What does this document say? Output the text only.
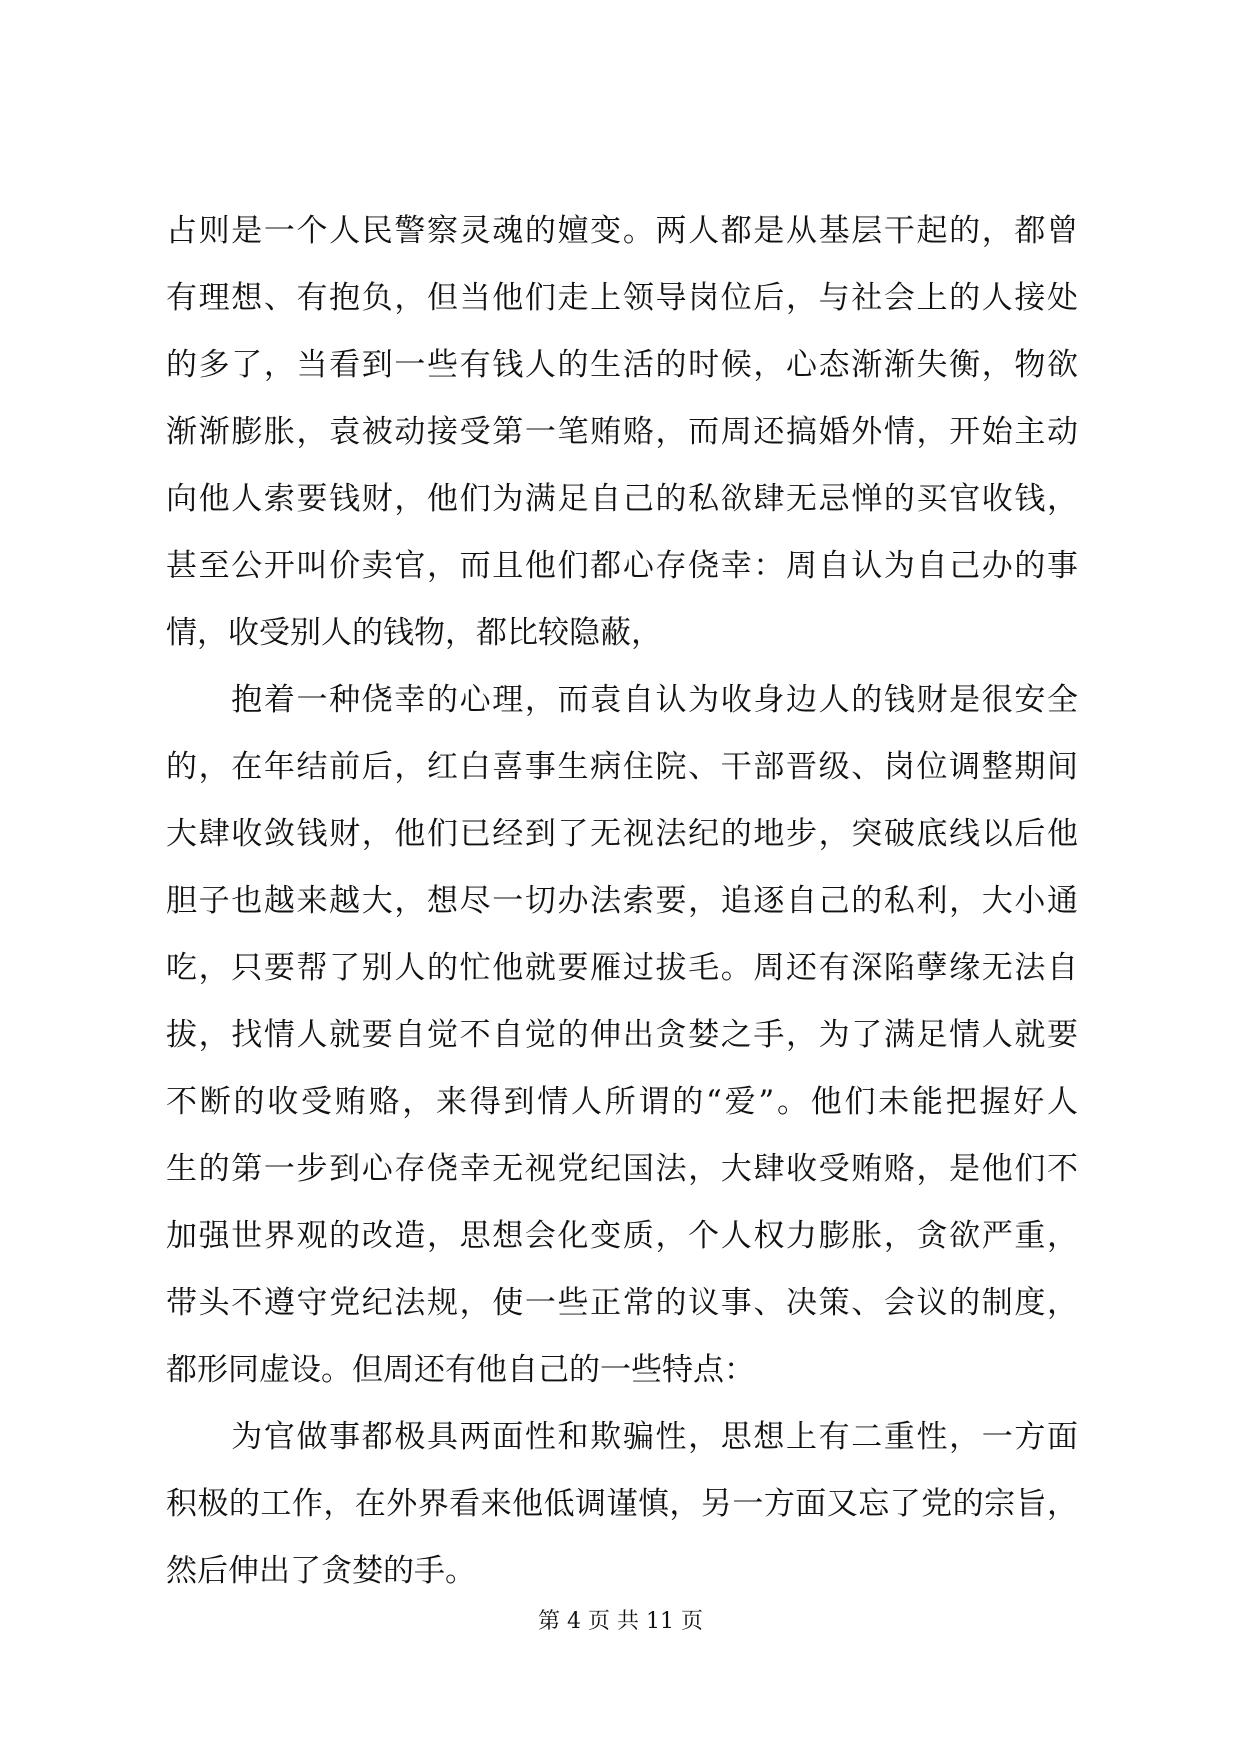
占则是一个人民警察灵魂的嬗变。两人都是从基层干起的，都曾
有理想、有抱负，但当他们走上领导岗位后，与社会上的人接处
的多了，当看到一些有钱人的生活的时候，心态渐渐失衡，物欲
渐渐膨胀，袁被动接受第一笔贿赂，而周还搞婚外情，开始主动
向他人索要钱财，他们为满足自己的私欲肆无忌惮的买官收钱，
甚至公开叫价卖官，而且他们都心存侥幸：周自认为自己办的事
情，收受别人的钱物，都比较隐蔽，
　　抱着一种侥幸的心理，而袁自认为收身边人的钱财是很安全
的，在年结前后，红白喜事生病住院、干部晋级、岗位调整期间
大肆收敛钱财，他们已经到了无视法纪的地步，突破底线以后他
胆子也越来越大，想尽一切办法索要，追逐自己的私利，大小通
吃，只要帮了别人的忙他就要雁过拔毛。周还有深陷孽缘无法自
拔，找情人就要自觉不自觉的伸出贪婪之手，为了满足情人就要
不断的收受贿赂，来得到情人所谓的“爱”。他们未能把握好人
生的第一步到心存侥幸无视党纪国法，大肆收受贿赂，是他们不
加强世界观的改造，思想会化变质，个人权力膨胀，贪欲严重，
带头不遵守党纪法规，使一些正常的议事、决策、会议的制度，
都形同虚设。但周还有他自己的一些特点：
　　为官做事都极具两面性和欺骗性，思想上有二重性，一方面
积极的工作，在外界看来他低调谨慎，另一方面又忘了党的宗旨，
然后伸出了贪婪的手。
第 4 页 共 11 页
